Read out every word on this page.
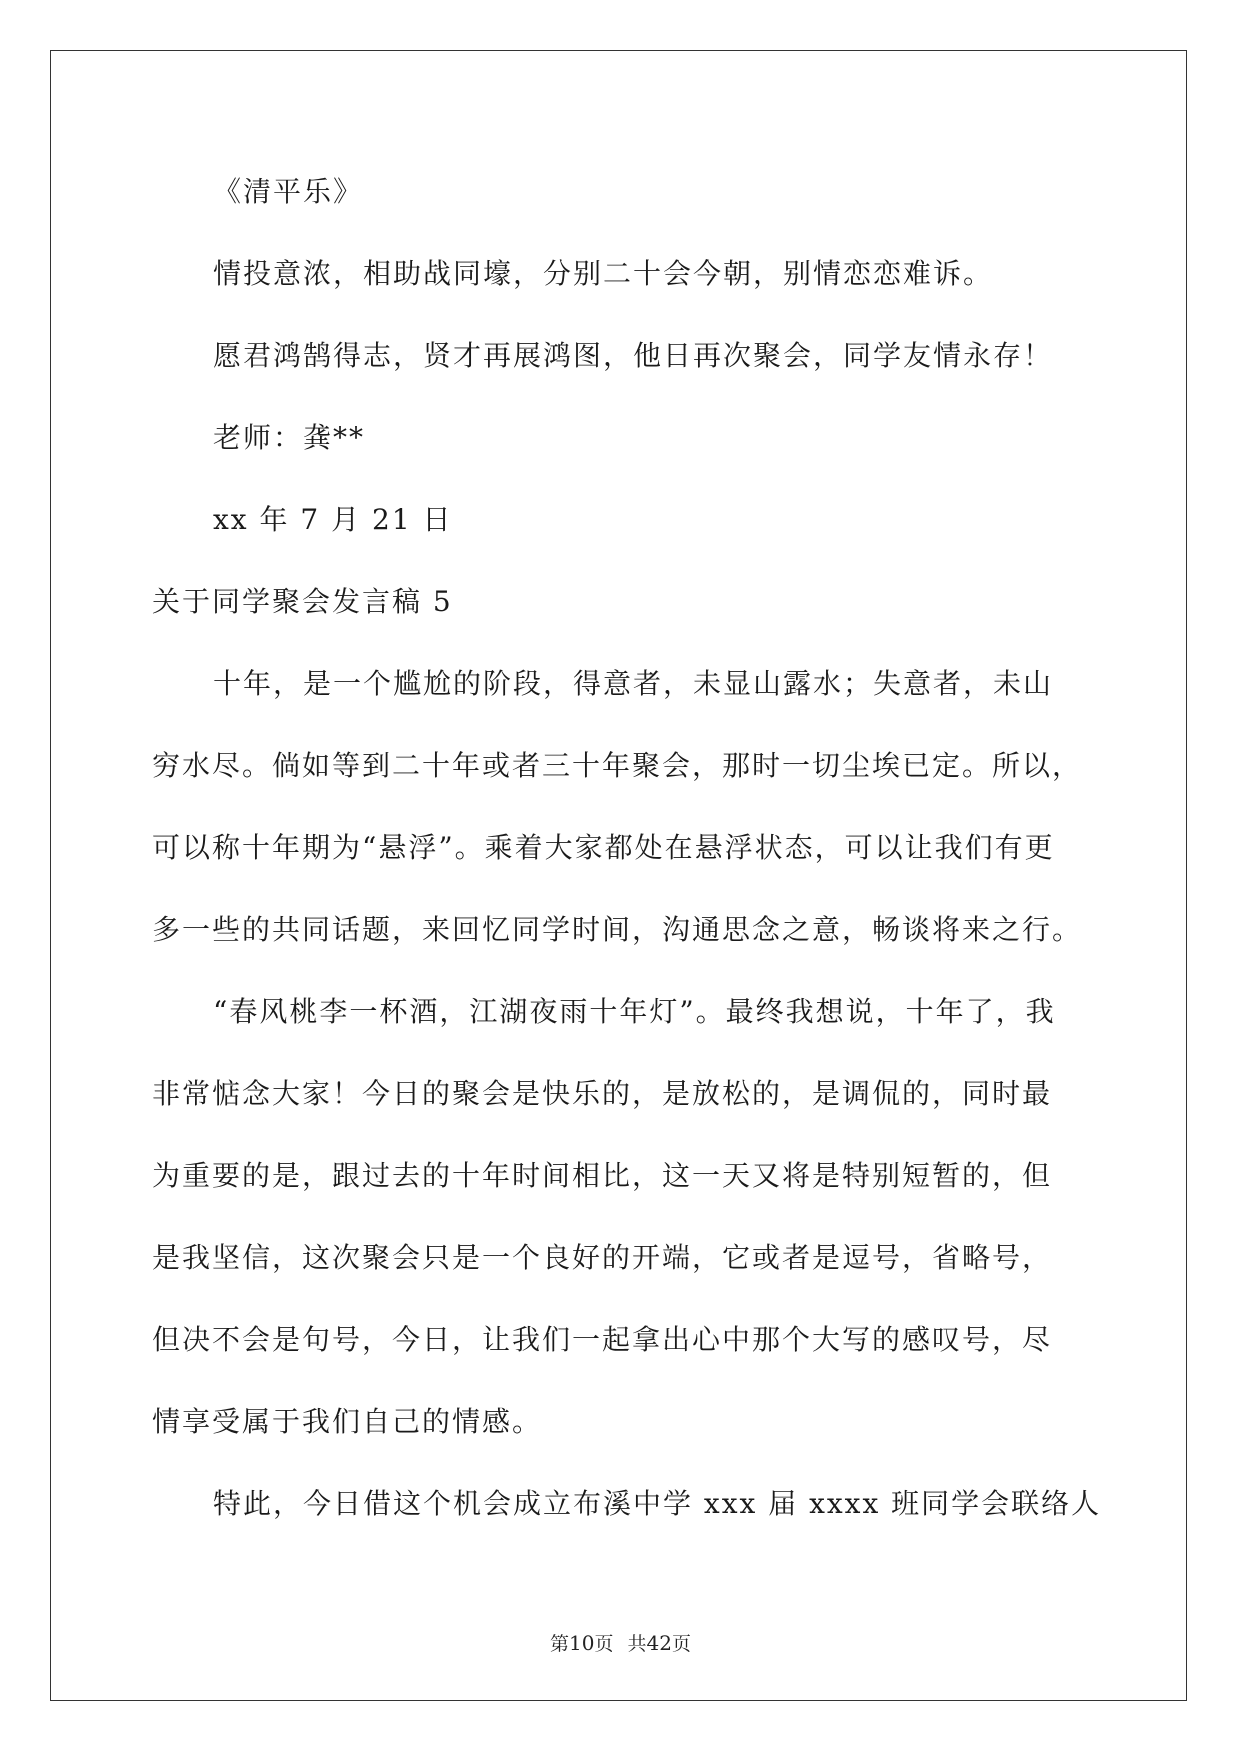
《清平乐》
情投意浓，相助战同壕，分别二十会今朝，别情恋恋难诉。
愿君鸿鹄得志，贤才再展鸿图，他日再次聚会，同学友情永存！
老师：龚**
xx 年 7 月 21 日
关于同学聚会发言稿 5
十年，是一个尴尬的阶段，得意者，未显山露水；失意者，未山
穷水尽。倘如等到二十年或者三十年聚会，那时一切尘埃已定。所以，
可以称十年期为“悬浮”。乘着大家都处在悬浮状态，可以让我们有更
多一些的共同话题，来回忆同学时间，沟通思念之意，畅谈将来之行。
“春风桃李一杯酒，江湖夜雨十年灯”。最终我想说，十年了，我
非常惦念大家！今日的聚会是快乐的，是放松的，是调侃的，同时最
为重要的是，跟过去的十年时间相比，这一天又将是特别短暂的，但
是我坚信，这次聚会只是一个良好的开端，它或者是逗号，省略号，
但决不会是句号，今日，让我们一起拿出心中那个大写的感叹号，尽
情享受属于我们自己的情感。
特此，今日借这个机会成立布溪中学 xxx 届 xxxx 班同学会联络人
第10页 共42页
